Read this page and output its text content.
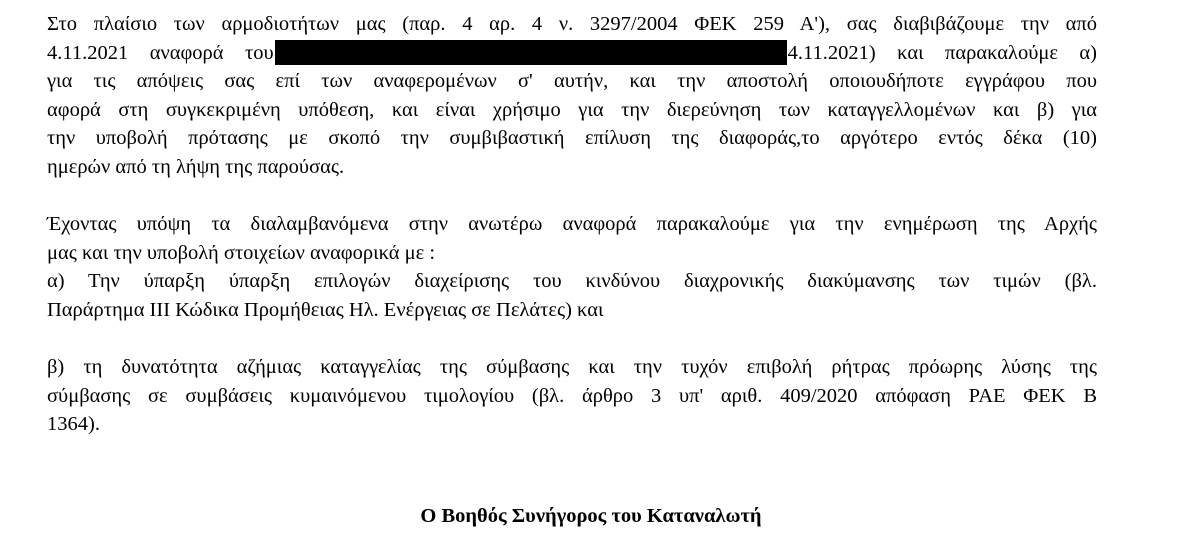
Στο πλαίσιο των αρμοδιοτήτων μας (παρ. 4 αρ. 4 ν. 3297/2004 ΦΕΚ 259 Α'), σας διαβιβάζουμε την από
4.11.2021 αναφορά του	4.11.2021) και παρακαλούμε α)
για τις απόψεις σας επί των αναφερομένων σ' αυτήν, και την αποστολή οποιουδήποτε εγγράφου που
αφορά στη συγκεκριμένη υπόθεση, και είναι χρήσιμο για την διερεύνηση των καταγγελλομένων και β) για
την υποβολή πρότασης με σκοπό την συμβιβαστική επίλυση της διαφοράς,το αργότερο εντός δέκα (10)
ημερών από τη λήψη της παρούσας.
Έχοντας υπόψη τα διαλαμβανόμενα στην ανωτέρω αναφορά παρακαλούμε για την ενημέρωση της Αρχής
μας και την υποβολή στοιχείων αναφορικά με :
α) Την ύπαρξη ύπαρξη επιλογών διαχείρισης του κινδύνου διαχρονικής διακύμανσης των τιμών (βλ.
Παράρτημα ΙΙΙ Κώδικα Προμήθειας Ηλ. Ενέργειας σε Πελάτες) και
β) τη δυνατότητα αζήμιας καταγγελίας της σύμβασης και την τυχόν επιβολή ρήτρας πρόωρης λύσης της
σύμβασης σε συμβάσεις κυμαινόμενου τιμολογίου (βλ. άρθρο 3 υπ' αριθ. 409/2020 απόφαση ΡΑΕ ΦΕΚ Β
1364).
Ο Βοηθός Συνήγορος του Καταναλωτή
